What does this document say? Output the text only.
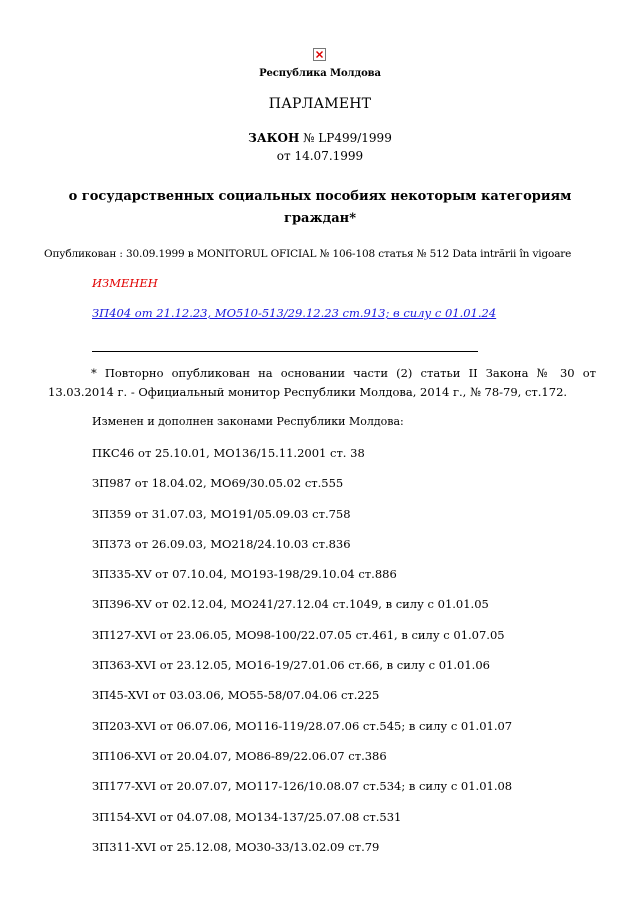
Республика Молдова
ПАРЛАМЕНТ
ЗАКОН № LP499/1999
от 14.07.1999
о государственных социальных пособиях некоторым категориям граждан*
Опубликован : 30.09.1999 в MONITORUL OFICIAL № 106-108 статья № 512 Data intrării în vigoare
ИЗМЕНЕН
ЗП404 от 21.12.23, MO510-513/29.12.23 ст.913; в силу с 01.01.24
* Повторно опубликован на основании части (2) статьи II Закона № 30 от 13.03.2014 г. - Официальный монитор Республики Молдова, 2014 г., № 78-79, ст.172.
Изменен и дополнен законами Республики Молдова:
ПКС46 от 25.10.01, MO136/15.11.2001 ст. 38
ЗП987 от 18.04.02, MO69/30.05.02 ст.555
ЗП359 от 31.07.03, MO191/05.09.03 ст.758
ЗП373 от 26.09.03, MO218/24.10.03 ст.836
ЗП335-XV от 07.10.04, MO193-198/29.10.04 ст.886
ЗП396-XV от 02.12.04, MO241/27.12.04 ст.1049, в силу с 01.01.05
ЗП127-XVI от 23.06.05, MO98-100/22.07.05 ст.461, в силу с 01.07.05
ЗП363-XVI от 23.12.05, MO16-19/27.01.06 ст.66, в силу с 01.01.06
ЗП45-XVI от 03.03.06, MO55-58/07.04.06 ст.225
ЗП203-XVI от 06.07.06, MO116-119/28.07.06 ст.545; в силу с 01.01.07
ЗП106-XVI от 20.04.07, MO86-89/22.06.07 ст.386
ЗП177-XVI от 20.07.07, MO117-126/10.08.07 ст.534; в силу с 01.01.08
ЗП154-XVI от 04.07.08, MO134-137/25.07.08 ст.531
ЗП311-XVI от 25.12.08, MO30-33/13.02.09 ст.79
